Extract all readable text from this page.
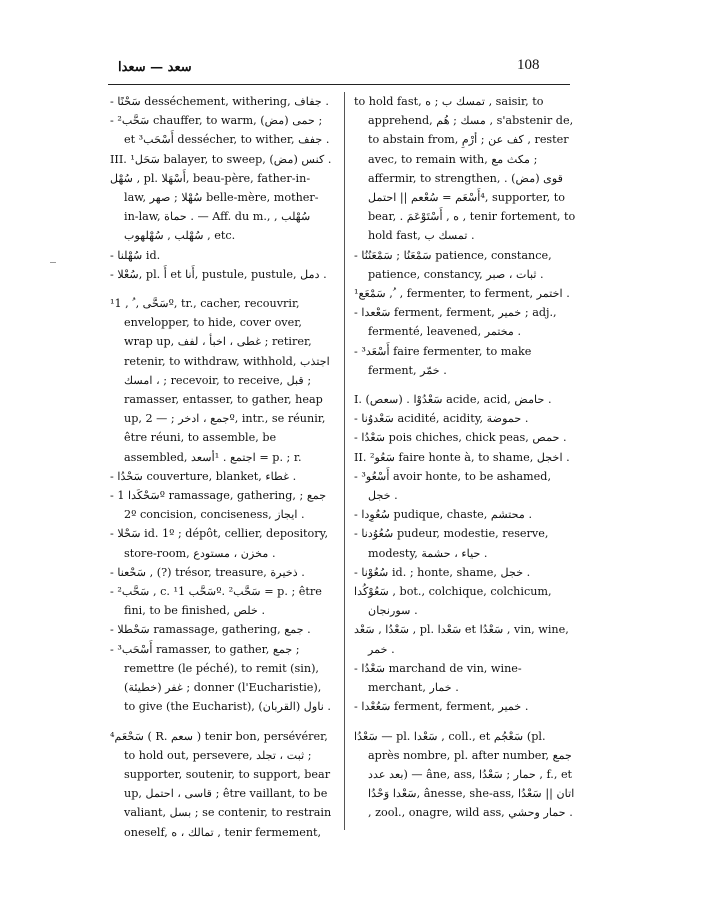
سعد — سعدا	108

- سَحْنًا desséchement, withering, جفاف .

- ²سَحَّب chauffer, to warm, (مض) حمى ; et ³أَسْحَب dessécher, to wither, جفف .

III. ¹سَحَل balayer, to sweep, (مض) كنس .

سُهْل , pl. أَسْهَلا, beau-père, father-in-law, سُهْلا ; صهر belle-mère, mother-in-law, حماة . — Aff. du m., سُهْلب , سُهْلب , سُهْلهوب , etc.

- سُهْلنا id.

- سُعْلا, pl. أَ et أَنا, pustule, pustule, دمل .

¹سَحَّى , ُ , 1º, tr., cacher, recouvrir, envelopper, to hide, cover over, wrap up, غطى ، اخبأ ، لفف ; retirer, retenir, to withdraw, withhold, اجتذب ، امسك ; recevoir, to receive, قبل ; ramasser, entasser, to gather, heap up, جمع ، ادخر ; — 2º, intr., se réunir, être réuni, to assemble, be assembled, اجتمع . ¹أسعد = p. ; r.

- سَحْدُا couverture, blanket, غطاء .

- سَحْكَدا 1º ramassage, gathering, جمع ; 2º concision, conciseness, ايجاز .

- سَحْلا id. 1º ; dépôt, cellier, depository, store-room, مخزن ، مستودع .

- سَحْعنا , (?) trésor, treasure, ذخيرة .

- ²سَحَّب , c. ¹سَحَّب 1º. ²سَحَّب = p. ; être fini, to be finished, خلص .

- سَحْطلا ramassage, gathering, جمع .

- ³أَسْحَب ramasser, to gather, جمع ; remettre (le péché), to remit (sin), غفر (خطيئة) ; donner (l'Eucharistie), to give (the Eucharist), ناول (القربان) .

⁴سَحْعَم ( R. سعم ) tenir bon, persévérer, to hold out, persevere, ثبت ، تجلد ; supporter, soutenir, to support, bear up, قاسى ، احتمل ; être vaillant, to be valiant, بسل ; se contenir, to restrain oneself, تمالك ، ه , tenir fermement,

to hold fast, تمسك ب ; ه , saisir, to apprehend, مسك ; هُم , s'abstenir de, to abstain from, كف عن ; أرْمِ , rester avec, to remain with, مكث مع ; affermir, to strengthen, قوى (مض) . ⁴أَسْعَم = سُعْعم || احتمل, supporter, to bear, . ه , أَسْتَوْعَمَ , tenir fortement, to hold fast, تمسك ب .

- سَمْعَنُا ; سَمْعَنُنُا patience, constance, patience, constancy, ثبات ، صبر .

¹سَمْعَع , ُ , fermenter, to ferment, اختمر .

- سَعْعدا ferment, ferment, خمير ; adj., fermenté, leavened, مختمر .

- ³أَسْعَد faire fermenter, to make ferment, خمّر .

I. (سعص) . سَعْدُوْا acide, acid, حامض .

- سَعْدوُنا acidité, acidity, حموضة .

- سَعْدُا pois chiches, chick peas, حمص .

II. ²سَعُو faire honte à, to shame, اخجل .

- ³أَسْعُو avoir honte, to be ashamed, خجل .

- سُعُوِدا pudique, chaste, محتشم .

- سُعُوُدنا pudeur, modestie, reserve, modesty, حياء ، حشمة .

- سُعُوْنا id. ; honte, shame, خجل .

سَعُوْكُدا , bot., colchique, colchicum, سورنجان .

سَعْدُا , سَعْد , pl. سَعْدا et سَعْدُا , vin, wine, خمر .

- سَعْدُا marchand de vin, wine-merchant, خمار .

- سَعُعْدا ferment, ferment, خمير .

سَعْدُا — pl. سَعْدا , coll., et سَعْجُم (pl. après nombre, pl. after number, جمع بعد عدد) — âne, ass, حمار ; سَعْدُا , f., et سَعْدا وَحْدُا, ânesse, she-ass, اتان || سَعْدُا , zool., onagre, wild ass, حمار وحشي .
